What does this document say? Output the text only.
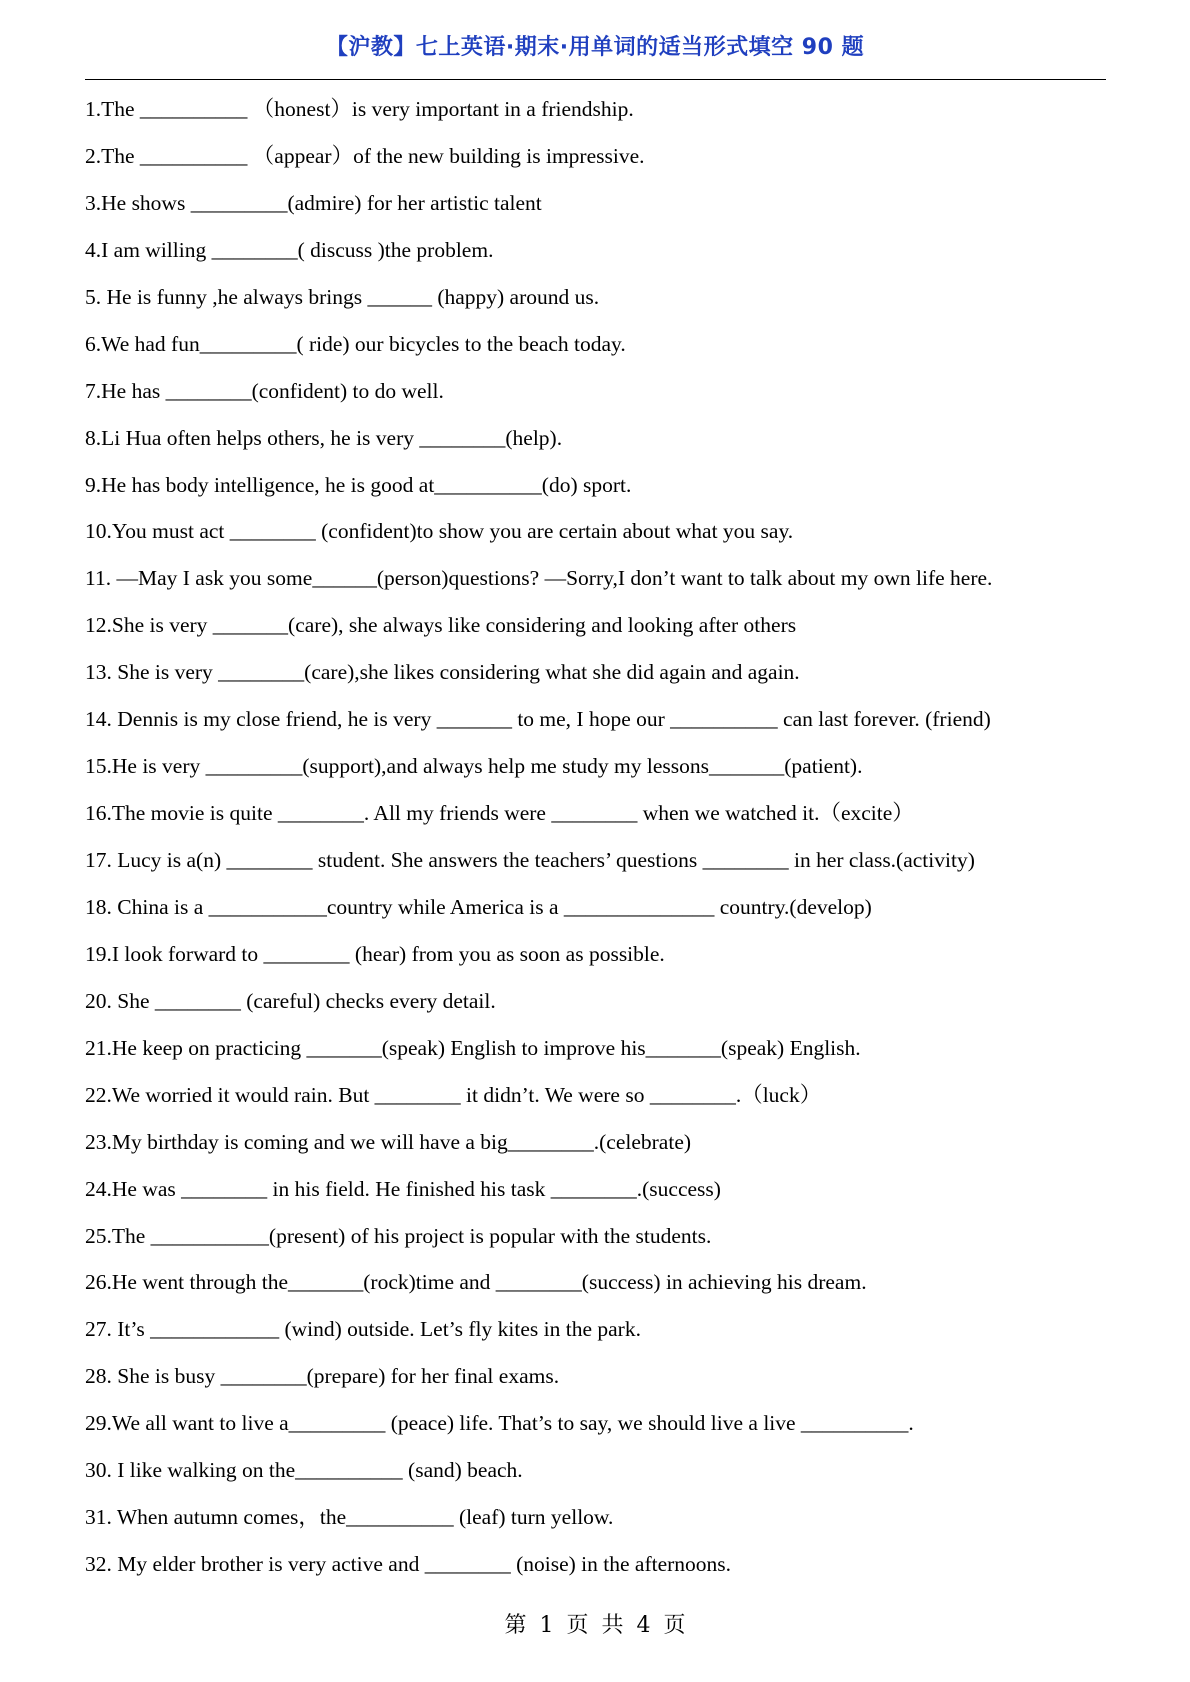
【沪教】七上英语·期末·用单词的适当形式填空 90 题
1.The __________ （honest）is very important in a friendship.
2.The __________ （appear）of the new building is impressive.
3.He shows _________(admire) for her artistic talent
4.I am willing ________( discuss )the problem.
5. He is funny ,he always brings ______ (happy) around us.
6.We had fun_________( ride) our bicycles to the beach today.
7.He has ________(confident) to do well.
8.Li Hua often helps others, he is very ________(help).
9.He has body intelligence, he is good at__________(do) sport.
10.You must act ________ (confident)to show you are certain about what you say.
11. —May I ask you some______(person)questions? —Sorry,I don’t want to talk about my own life here.
12.She is very _______(care), she always like considering and looking after others
13. She is very ________(care),she likes considering what she did again and again.
14. Dennis is my close friend, he is very _______ to me, I hope our __________ can last forever. (friend)
15.He is very _________(support),and always help me study my lessons_______(patient).
16.The movie is quite ________. All my friends were ________ when we watched it.（excite）
17. Lucy is a(n) ________ student. She answers the teachers’ questions ________ in her class.(activity)
18. China is a ___________country while America is a ______________ country.(develop)
19.I look forward to ________ (hear) from you as soon as possible.
20. She ________ (careful) checks every detail.
21.He keep on practicing _______(speak) English to improve his_______(speak) English.
22.We worried it would rain. But ________ it didn’t. We were so ________.（luck）
23.My birthday is coming and we will have a big________.(celebrate)
24.He was ________ in his field. He finished his task ________.(success)
25.The ___________(present) of his project is popular with the students.
26.He went through the_______(rock)time and ________(success) in achieving his dream.
27. It’s ____________ (wind) outside. Let’s fly kites in the park.
28. She is busy ________(prepare) for her final exams.
29.We all want to live a_________ (peace) life. That’s to say, we should live a live __________.
30. I like walking on the__________ (sand) beach.
31. When autumn comes，the__________ (leaf) turn yellow.
32. My elder brother is very active and ________ (noise) in the afternoons.
第 1 页 共 4 页
